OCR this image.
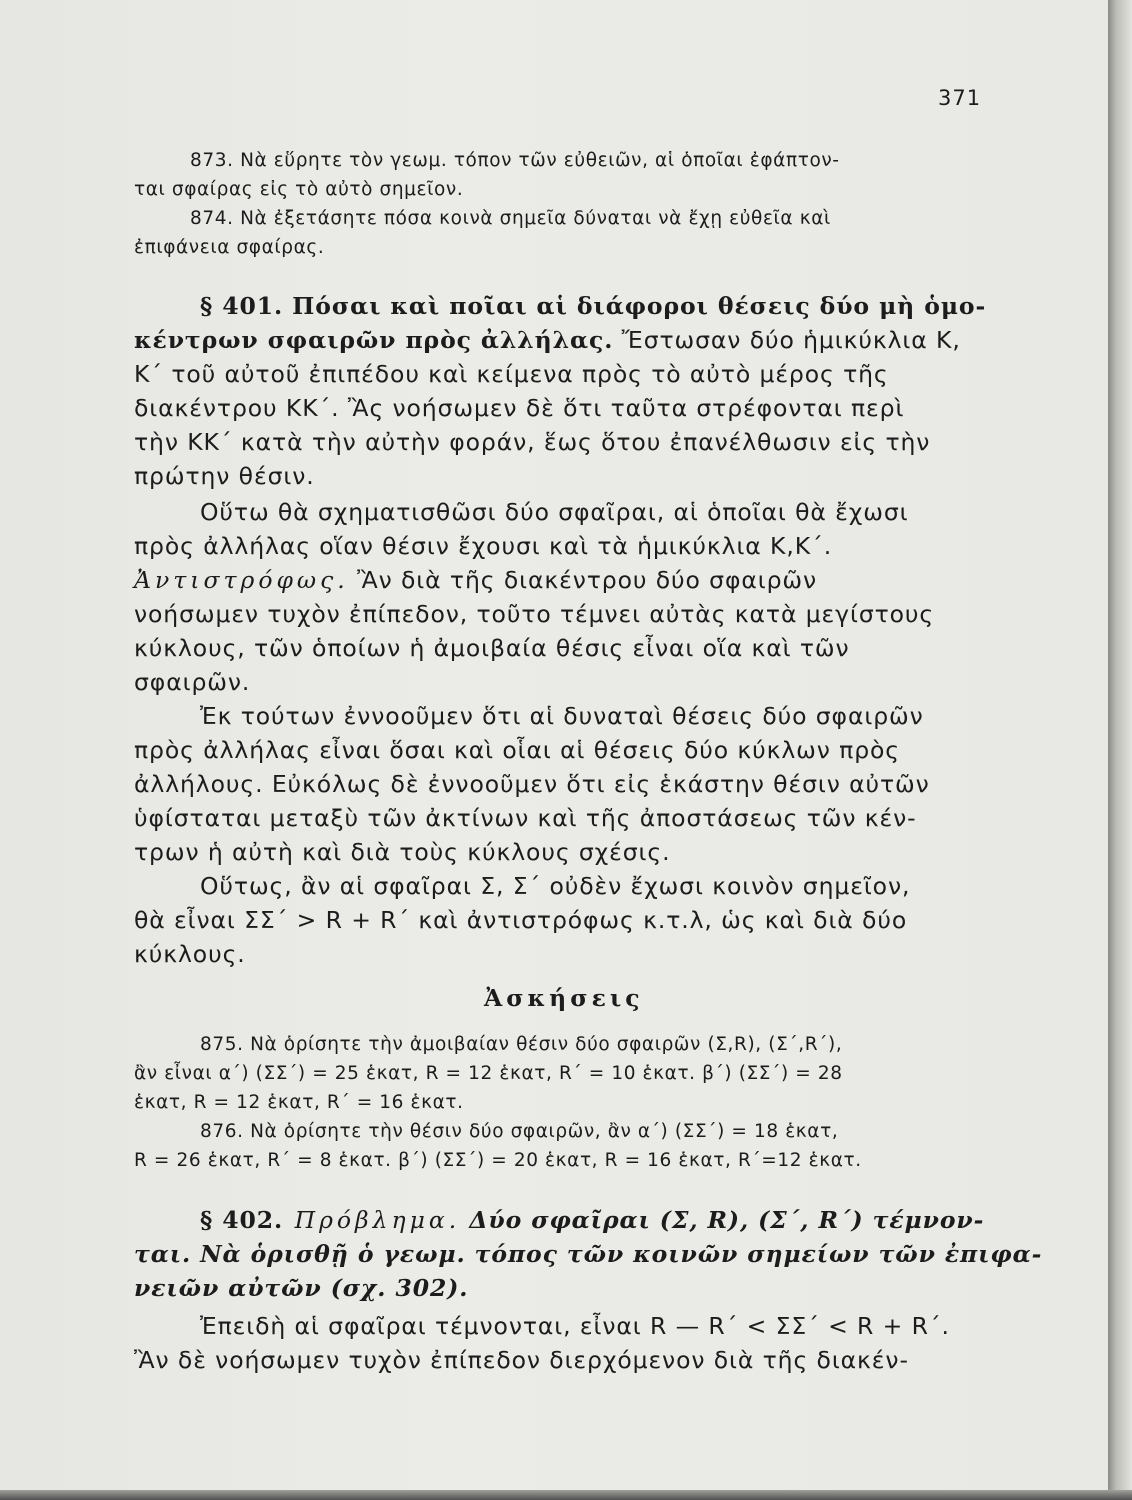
371
873. Νὰ εὕρητε τὸν γεωμ. τόπον τῶν εὐθειῶν, αἱ ὁποῖαι ἐφάπτον-
ται σφαίρας εἰς τὸ αὐτὸ σημεῖον.
874. Νὰ ἐξετάσητε πόσα κοινὰ σημεῖα δύναται νὰ ἔχῃ εὐθεῖα καὶ
ἐπιφάνεια σφαίρας.
§ 401. Πόσαι καὶ ποῖαι αἱ διάφοροι θέσεις δύο μὴ ὁμο-
κέντρων σφαιρῶν πρὸς ἀλλήλας. Ἔστωσαν δύο ἡμικύκλια Κ,
Κ΄ τοῦ αὐτοῦ ἐπιπέδου καὶ κείμενα πρὸς τὸ αὐτὸ μέρος τῆς
διακέντρου ΚΚ΄. Ἂς νοήσωμεν δὲ ὅτι ταῦτα στρέφονται περὶ
τὴν ΚΚ΄ κατὰ τὴν αὐτὴν φοράν, ἕως ὅτου ἐπανέλθωσιν εἰς τὴν
πρώτην θέσιν.
Οὕτω θὰ σχηματισθῶσι δύο σφαῖραι, αἱ ὁποῖαι θὰ ἔχωσι
πρὸς ἀλλήλας οἵαν θέσιν ἔχουσι καὶ τὰ ἡμικύκλια Κ,Κ΄.
Ἀντιστρόφως. Ἂν διὰ τῆς διακέντρου δύο σφαιρῶν
νοήσωμεν τυχὸν ἐπίπεδον, τοῦτο τέμνει αὐτὰς κατὰ μεγίστους
κύκλους, τῶν ὁποίων ἡ ἀμοιβαία θέσις εἶναι οἵα καὶ τῶν
σφαιρῶν.
Ἐκ τούτων ἐννοοῦμεν ὅτι αἱ δυναταὶ θέσεις δύο σφαιρῶν
πρὸς ἀλλήλας εἶναι ὅσαι καὶ οἷαι αἱ θέσεις δύο κύκλων πρὸς
ἀλλήλους. Εὐκόλως δὲ ἐννοοῦμεν ὅτι εἰς ἑκάστην θέσιν αὐτῶν
ὑφίσταται μεταξὺ τῶν ἀκτίνων καὶ τῆς ἀποστάσεως τῶν κέν-
τρων ἡ αὐτὴ καὶ διὰ τοὺς κύκλους σχέσις.
Οὕτως, ἂν αἱ σφαῖραι Σ, Σ΄ οὐδὲν ἔχωσι κοινὸν σημεῖον,
θὰ εἶναι ΣΣ΄ > R + R΄ καὶ ἀντιστρόφως κ.τ.λ, ὡς καὶ διὰ δύο
κύκλους.
Ἀσκήσεις
875. Νὰ ὁρίσητε τὴν ἀμοιβαίαν θέσιν δύο σφαιρῶν (Σ,R), (Σ΄,R΄),
ἂν εἶναι α΄) (ΣΣ΄) = 25 ἑκατ, R = 12 ἑκατ, R΄ = 10 ἑκατ. β΄) (ΣΣ΄) = 28
ἑκατ, R = 12 ἑκατ, R΄ = 16 ἑκατ.
876. Νὰ ὁρίσητε τὴν θέσιν δύο σφαιρῶν, ἂν α΄) (ΣΣ΄) = 18 ἑκατ,
R = 26 ἑκατ, R΄ = 8 ἑκατ. β΄) (ΣΣ΄) = 20 ἑκατ, R = 16 ἑκατ, R΄=12 ἑκατ.
§ 402. Πρόβλημα. Δύο σφαῖραι (Σ, R), (Σ΄, R΄) τέμνον-
ται. Νὰ ὁρισθῇ ὁ γεωμ. τόπος τῶν κοινῶν σημείων τῶν ἐπιφα-
νειῶν αὐτῶν (σχ. 302).
Ἐπειδὴ αἱ σφαῖραι τέμνονται, εἶναι R — R΄ < ΣΣ΄ < R + R΄.
Ἂν δὲ νοήσωμεν τυχὸν ἐπίπεδον διερχόμενον διὰ τῆς διακέν-
